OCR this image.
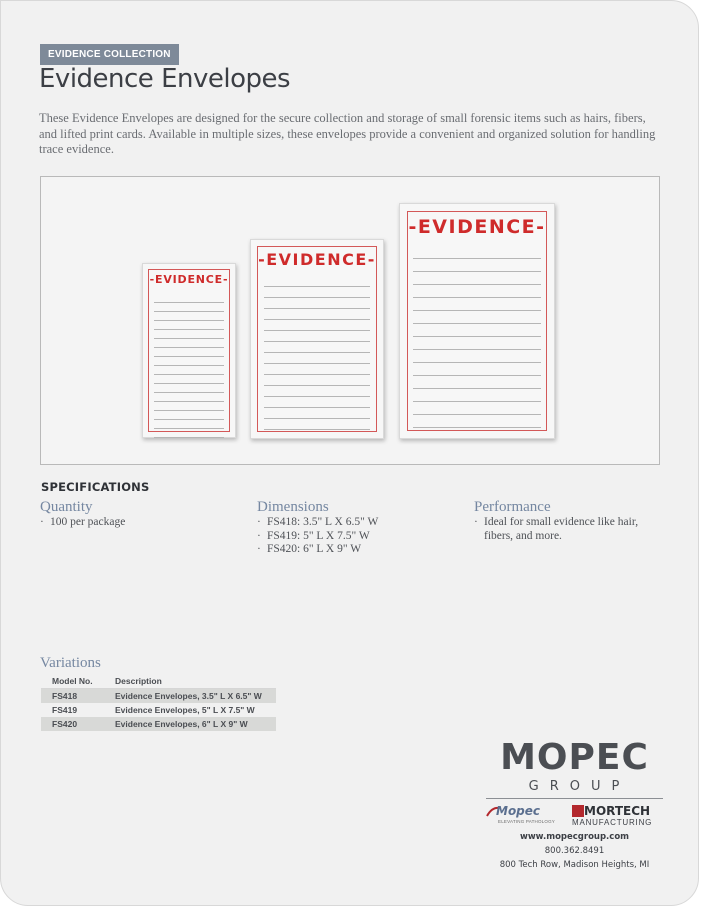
EVIDENCE COLLECTION
Evidence Envelopes

These Evidence Envelopes are designed for the secure collection and storage of small forensic items such as hairs, fibers, and lifted print cards. Available in multiple sizes, these envelopes provide a convenient and organized solution for handling trace evidence.

-EVIDENCE-
-EVIDENCE-
-EVIDENCE-
SPECIFICATIONS
Quantity
· 100 per package
Dimensions
· FS418: 3.5" L X 6.5" W
· FS419: 5" L X 7.5" W
· FS420: 6" L X 9" W
Performance
· Ideal for small evidence like hair, fibers, and more.
Variations
Model No.	Description
FS418	Evidence Envelopes, 3.5" L X 6.5" W
FS419	Evidence Envelopes, 5" L X 7.5" W
FS420	Evidence Envelopes, 6" L X 9" W
MOPEC
GROUP
Mopec
ELEVATING PATHOLOGY
MORTECH
MANUFACTURING
www.mopecgroup.com
800.362.8491
800 Tech Row, Madison Heights, MI
